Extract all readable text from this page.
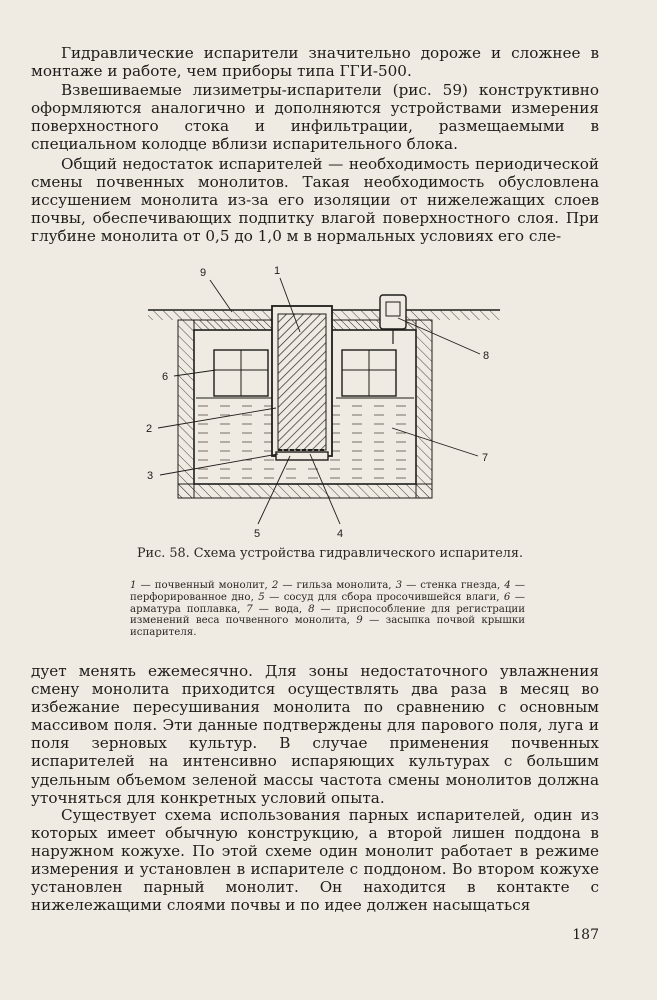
Гидравлические испарители значительно дороже и сложнее в монтаже и работе, чем приборы типа ГГИ-500.

Взвешиваемые лизиметры-испарители (рис. 59) конструктивно оформляются аналогично и дополняются устройствами измерения поверхностного стока и инфильтрации, размещаемыми в специальном колодце вблизи испарительного блока.

Общий недостаток испарителей — необходимость периодической смены почвенных монолитов. Такая необходимость обусловлена иссушением монолита из-за его изоляции от нижележащих слоев почвы, обеспечивающих подпитку влагой поверхностного слоя. При глубине монолита от 0,5 до 1,0 м в нормальных условиях его сле-

9	1
8
6
2
3
7
5	4
Рис. 58. Схема устройства гидравлического испарителя.
1 — почвенный монолит, 2 — гильза монолита, 3 — стенка гнезда, 4 — перфорированное дно, 5 — сосуд для сбора просочившейся влаги, 6 — арматура поплавка, 7 — вода, 8 — приспособление для регистрации изменений веса почвенного монолита, 9 — засыпка почвой крышки испарителя.

дует менять ежемесячно. Для зоны недостаточного увлажнения смену монолита приходится осуществлять два раза в месяц во избежание пересушивания монолита по сравнению с основным массивом поля. Эти данные подтверждены для парового поля, луга и поля зерновых культур. В случае применения почвенных испарителей на интенсивно испаряющих культурах с большим удельным объемом зеленой массы частота смены монолитов должна уточняться для конкретных условий опыта.

Существует схема использования парных испарителей, один из которых имеет обычную конструкцию, а второй лишен поддона в наружном кожухе. По этой схеме один монолит работает в режиме измерения и установлен в испарителе с поддоном. Во втором кожухе установлен парный монолит. Он находится в контакте с нижележащими слоями почвы и по идее должен насыщаться

187
